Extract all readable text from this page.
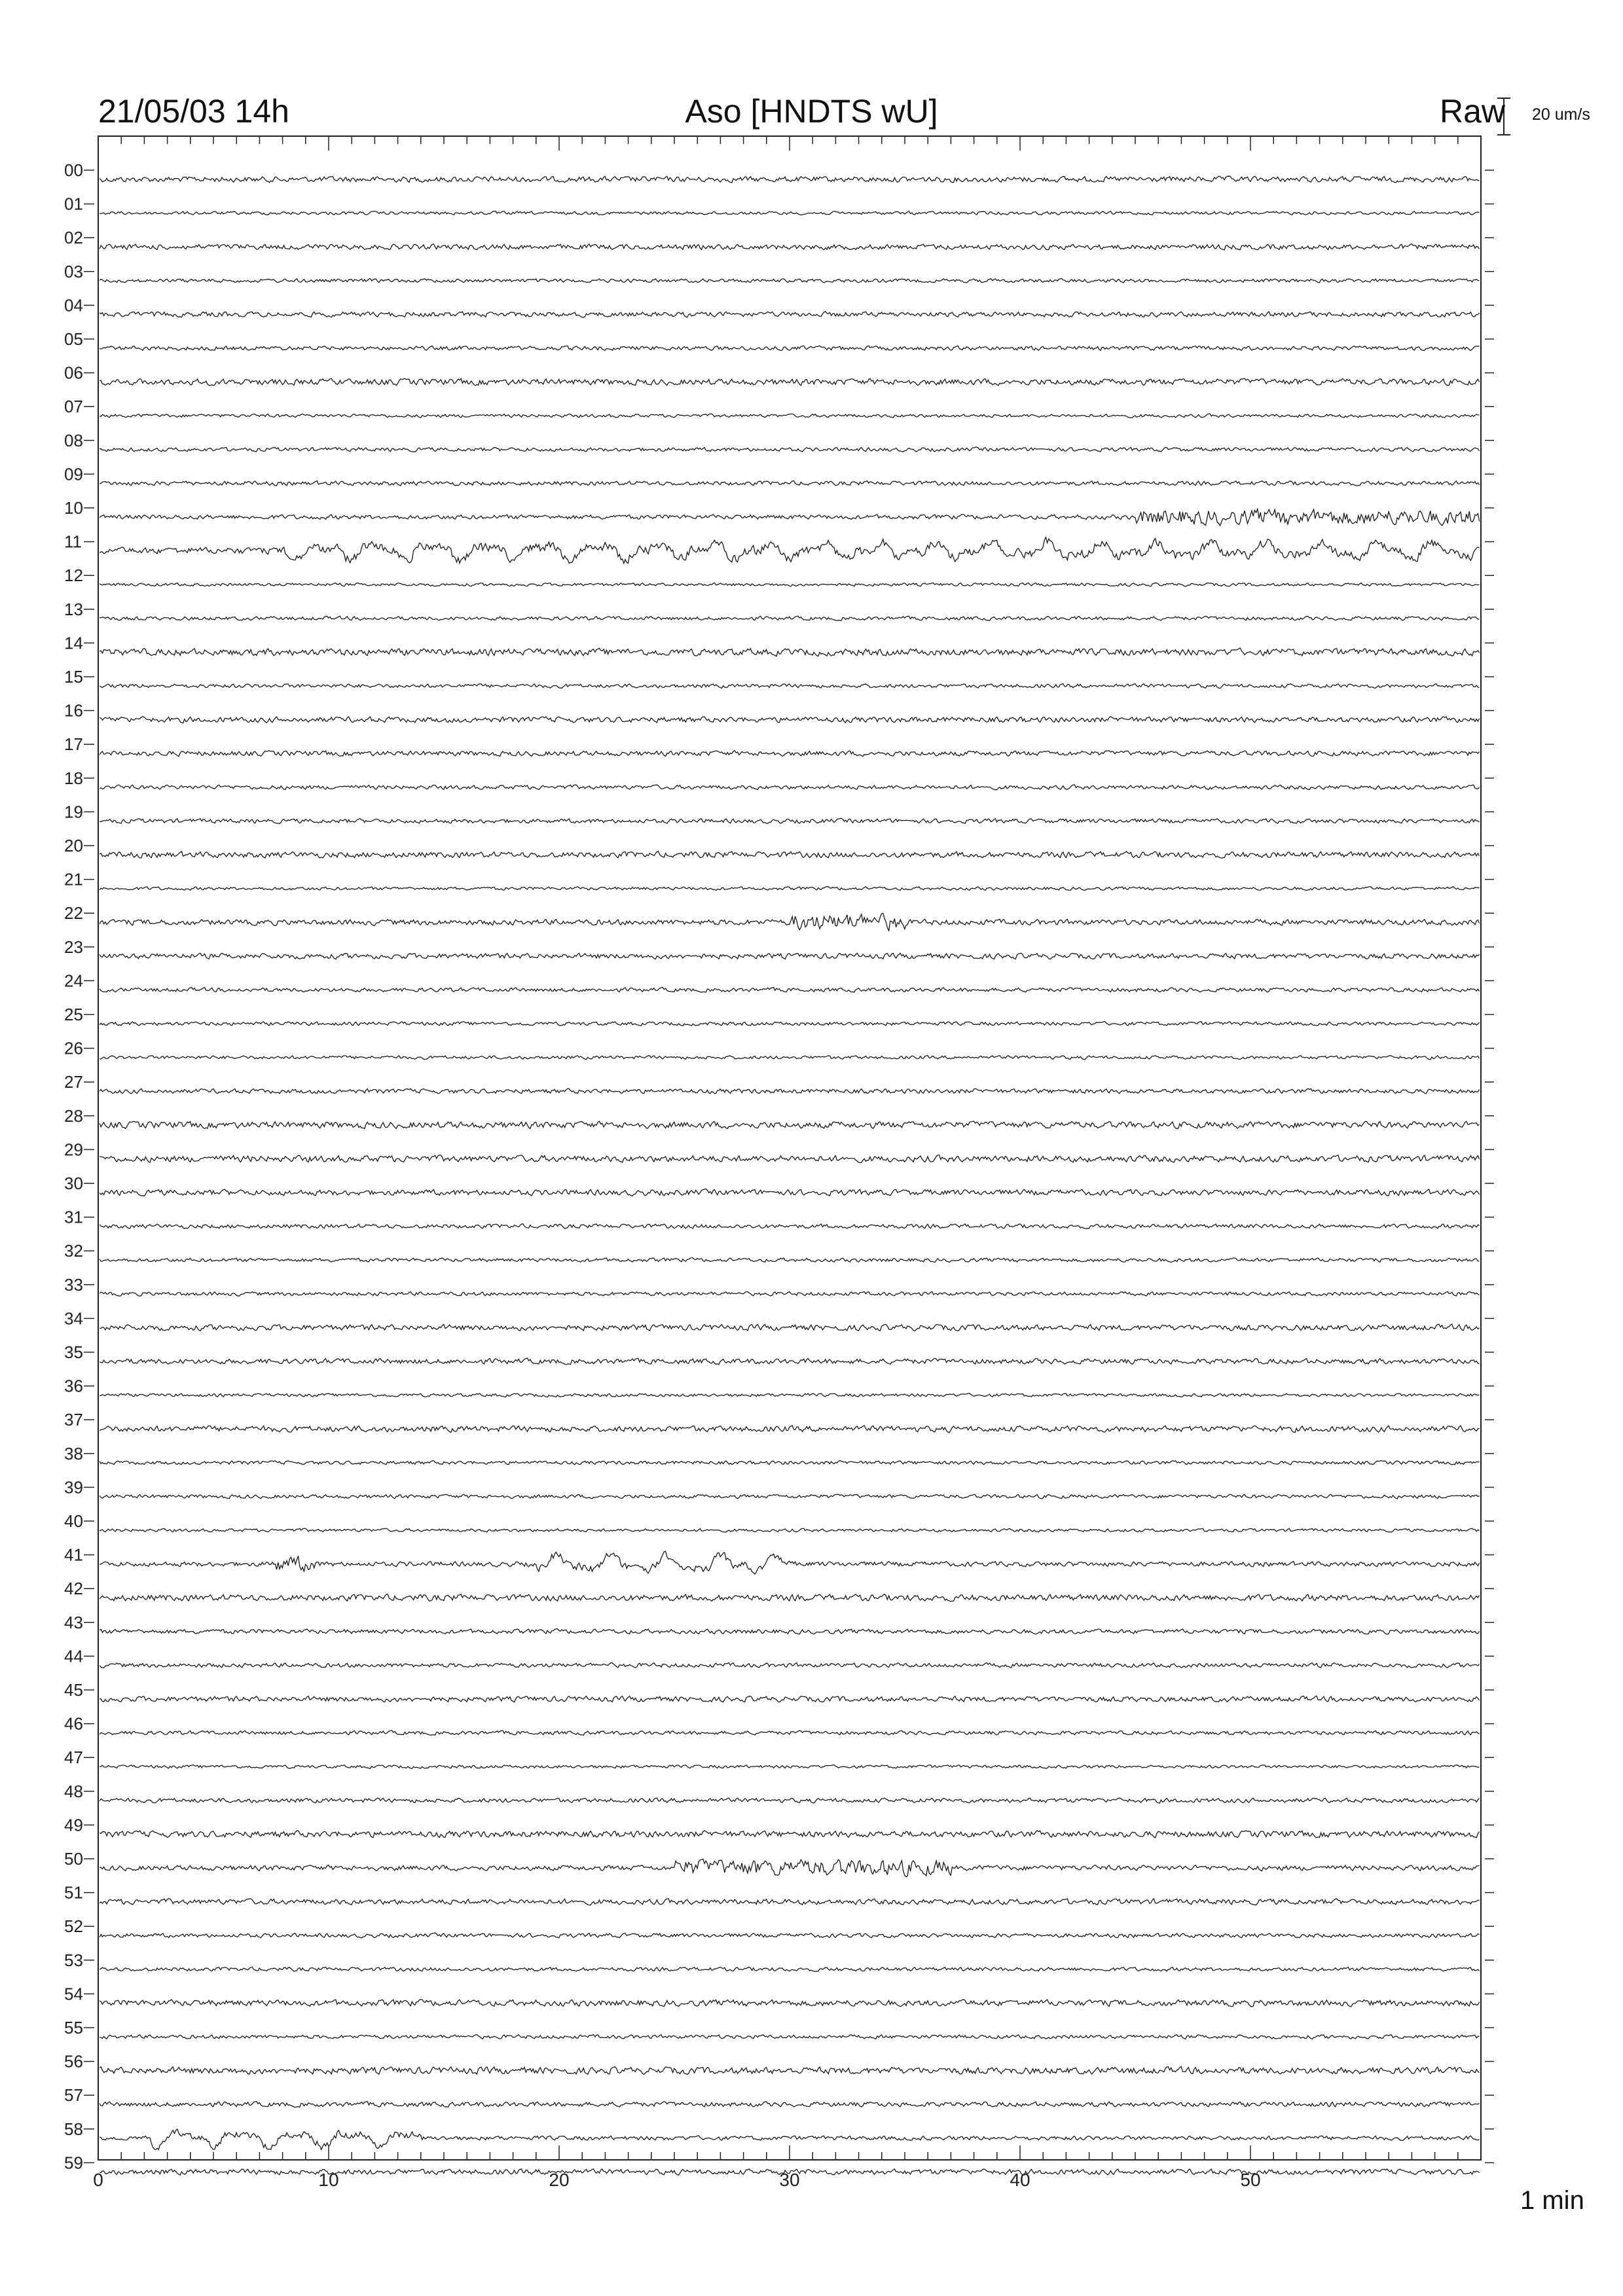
00
01
02
03
04
05
06
07
08
09
10
11
12
13
14
15
16
17
18
19
20
21
22
23
24
25
26
27
28
29
30
31
32
33
34
35
36
37
38
39
40
41
42
43
44
45
46
47
48
49
50
51
52
53
54
55
56
57
58
59
0	10	20	30	40	50
21/05/03 14h	Aso [HNDTS wU]	Raw 20 um/s
1 min
